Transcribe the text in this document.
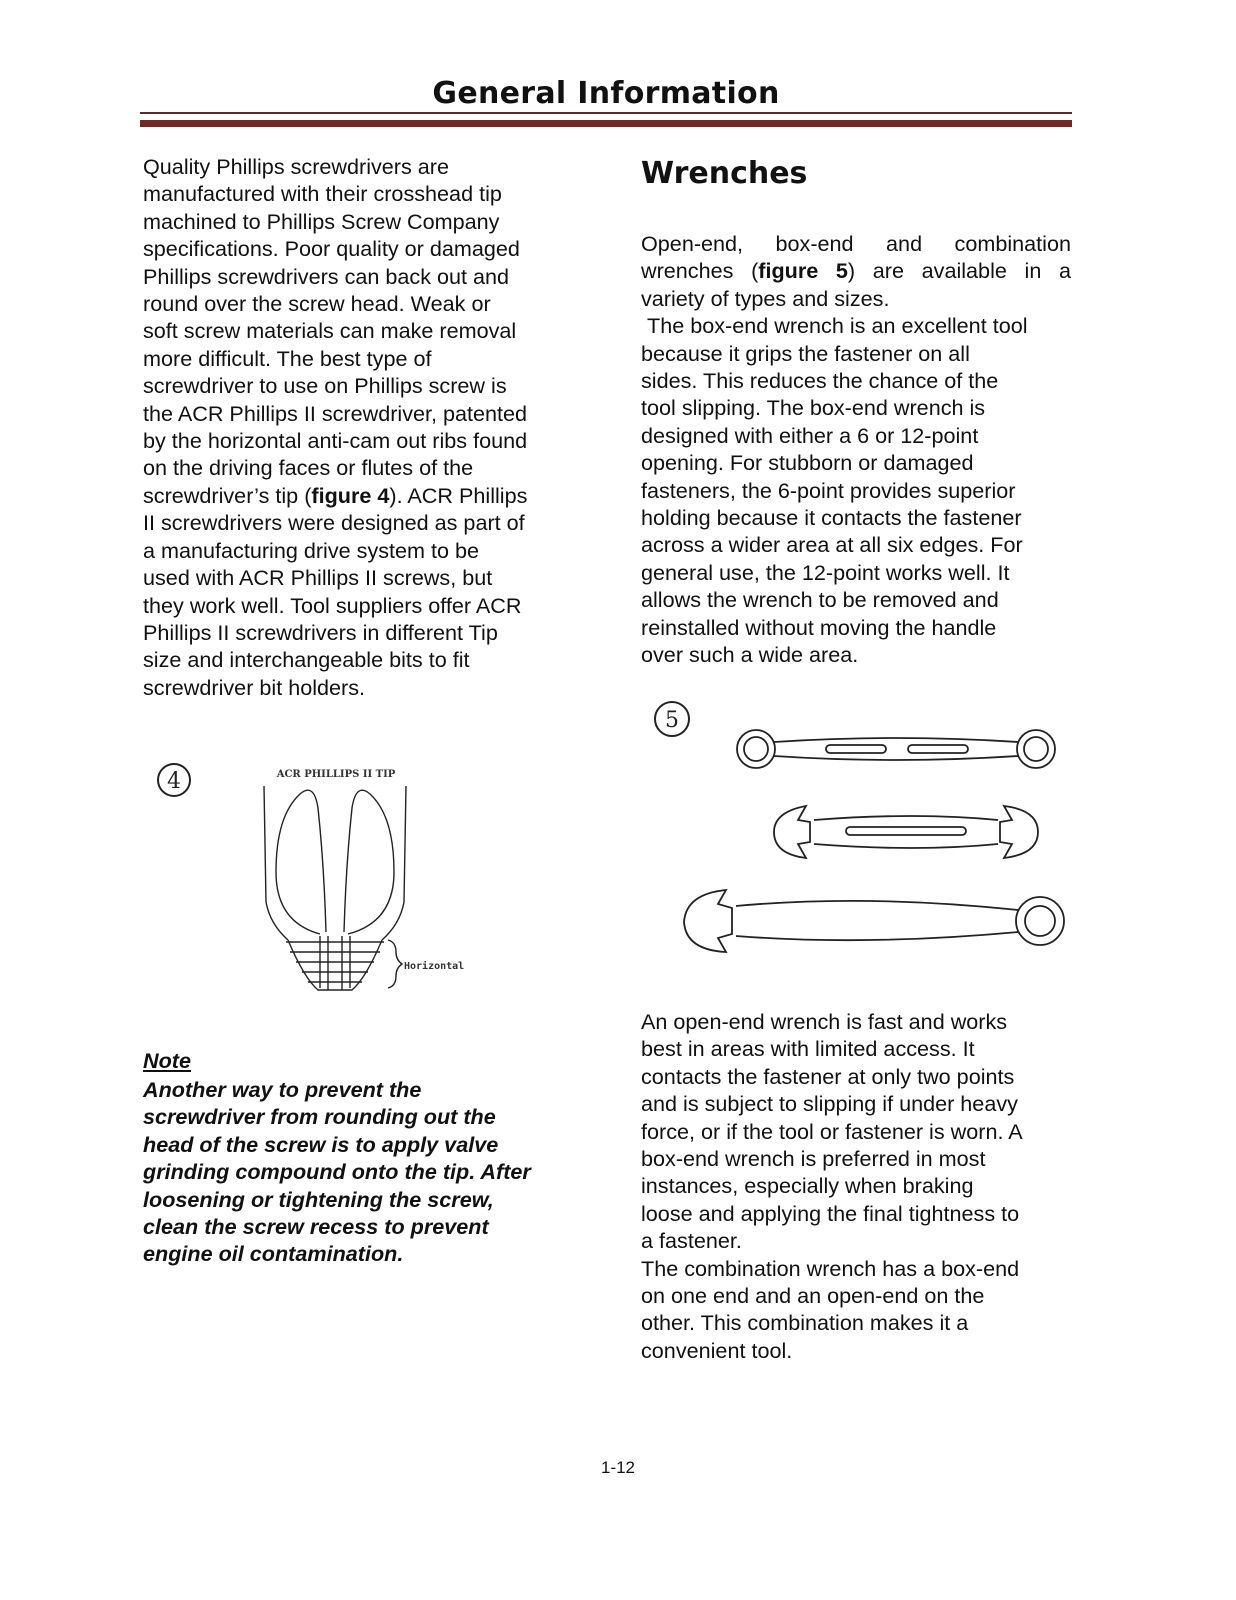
General Information
Quality Phillips screwdrivers are
manufactured with their crosshead tip
machined to Phillips Screw Company
specifications. Poor quality or damaged
Phillips screwdrivers can back out and
round over the screw head. Weak or
soft screw materials can make removal
more difficult. The best type of
screwdriver to use on Phillips screw is
the ACR Phillips II screwdriver, patented
by the horizontal anti-cam out ribs found
on the driving faces or flutes of the
screwdriver’s tip (figure 4). ACR Phillips
II screwdrivers were designed as part of
a manufacturing drive system to be
used with ACR Phillips II screws, but
they work well. Tool suppliers offer ACR
Phillips II screwdrivers in different Tip
size and interchangeable bits to fit
screwdriver bit holders.
4	ACR PHILLIPS II TIP
Horizontal
Note
Another way to prevent the
screwdriver from rounding out the
head of the screw is to apply valve
grinding compound onto the tip. After
loosening or tightening the screw,
clean the screw recess to prevent
engine oil contamination.
Wrenches
Open-end, box-end and combination
wrenches (figure 5) are available in a
variety of types and sizes.
The box-end wrench is an excellent tool
because it grips the fastener on all
sides. This reduces the chance of the
tool slipping. The box-end wrench is
designed with either a 6 or 12-point
opening. For stubborn or damaged
fasteners, the 6-point provides superior
holding because it contacts the fastener
across a wider area at all six edges. For
general use, the 12-point works well. It
allows the wrench to be removed and
reinstalled without moving the handle
over such a wide area.
5
An open-end wrench is fast and works
best in areas with limited access. It
contacts the fastener at only two points
and is subject to slipping if under heavy
force, or if the tool or fastener is worn. A
box-end wrench is preferred in most
instances, especially when braking
loose and applying the final tightness to
a fastener.
The combination wrench has a box-end
on one end and an open-end on the
other. This combination makes it a
convenient tool.
1-12
